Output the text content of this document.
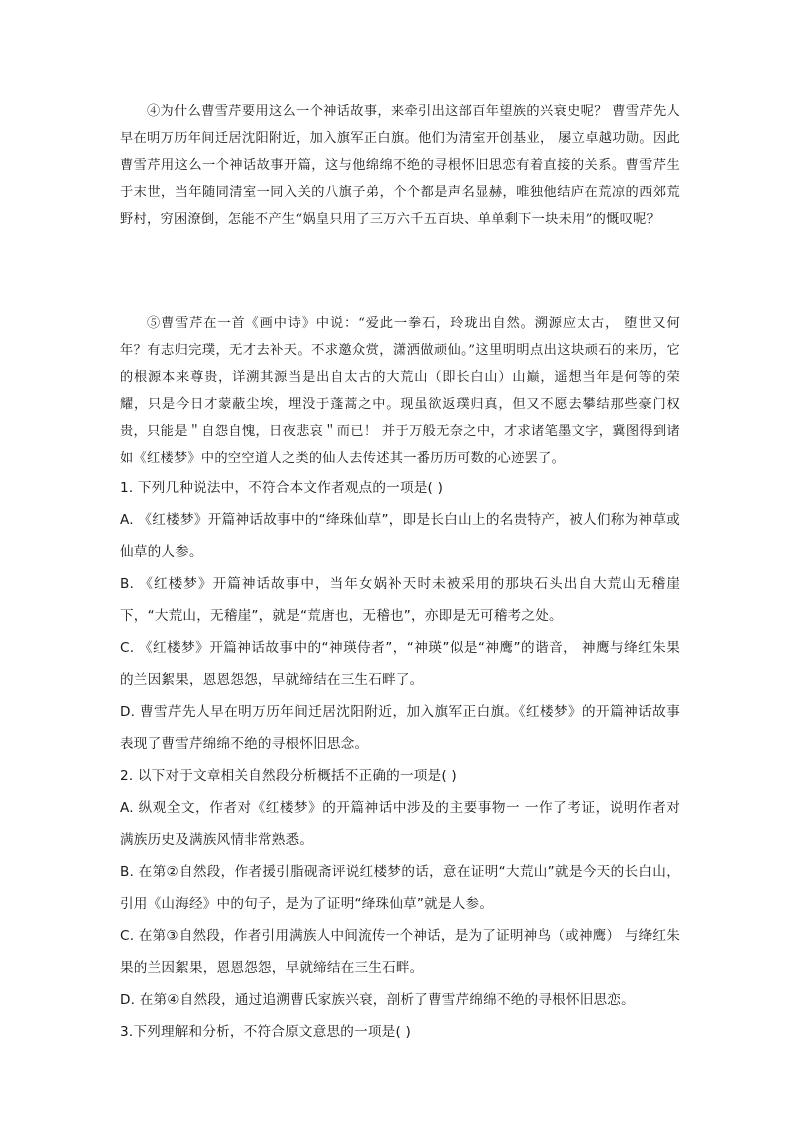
④为什么曹雪芹要用这么一个神话故事，来牵引出这部百年望族的兴衰史呢？ 曹雪芹先人早在明万历年间迁居沈阳附近，加入旗军正白旗。他们为清室开创基业， 屡立卓越功勋。因此曹雪芹用这么一个神话故事开篇，这与他绵绵不绝的寻根怀旧思恋有着直接的关系。曹雪芹生于末世，当年随同清室一同入关的八旗子弟，个个都是声名显赫，唯独他结庐在荒凉的西郊荒野村，穷困潦倒，怎能不产生“娲皇只用了三万六千五百块、单单剩下一块未用”的慨叹呢？

⑤曹雪芹在一首《画中诗》中说：“爱此一拳石，玲珑出自然。溯源应太古， 堕世又何年？有志归完璞，无才去补天。不求邀众赏，潇洒做顽仙。”这里明明点出这块顽石的来历，它的根源本来尊贵，详溯其源当是出自太古的大荒山（即长白山）山巅，遥想当年是何等的荣耀，只是今日才蒙蔽尘埃，埋没于蓬蒿之中。现虽欲返璞归真，但又不愿去攀结那些豪门权贵，只能是＂自怨自愧，日夜悲哀＂而已！ 并于万般无奈之中，才求诸笔墨文字，冀图得到诸如《红楼梦》中的空空道人之类的仙人去传述其一番历历可数的心迹罢了。

1. 下列几种说法中，不符合本文作者观点的一项是( )

A. 《红楼梦》开篇神话故事中的“绛珠仙草”，即是长白山上的名贵特产，被人们称为神草或仙草的人参。

B. 《红楼梦》开篇神话故事中，当年女娲补天时未被采用的那块石头出自大荒山无稽崖下，“大荒山，无稽崖”，就是“荒唐也，无稽也”，亦即是无可稽考之处。

C. 《红楼梦》开篇神话故事中的“神瑛侍者”，“神瑛”似是“神鹰”的谐音， 神鹰与绛红朱果的兰因絮果，恩恩怨怨，早就缔结在三生石畔了。

D. 曹雪芹先人早在明万历年间迁居沈阳附近，加入旗军正白旗。《红楼梦》的开篇神话故事表现了曹雪芹绵绵不绝的寻根怀旧思念。

2. 以下对于文章相关自然段分析概括不正确的一项是( )

A. 纵观全文，作者对《红楼梦》的开篇神话中涉及的主要事物一 一作了考证，说明作者对满族历史及满族风情非常熟悉。

B. 在第②自然段，作者援引脂砚斋评说红楼梦的话，意在证明“大荒山”就是今天的长白山，引用《山海经》中的句子，是为了证明“绛珠仙草”就是人参。

C. 在第③自然段，作者引用满族人中间流传一个神话，是为了证明神鸟（或神鹰） 与绛红朱果的兰因絮果，恩恩怨怨，早就缔结在三生石畔。

D. 在第④自然段，通过追溯曹氏家族兴衰，剖析了曹雪芹绵绵不绝的寻根怀旧思恋。

3.下列理解和分析，不符合原文意思的一项是( )
